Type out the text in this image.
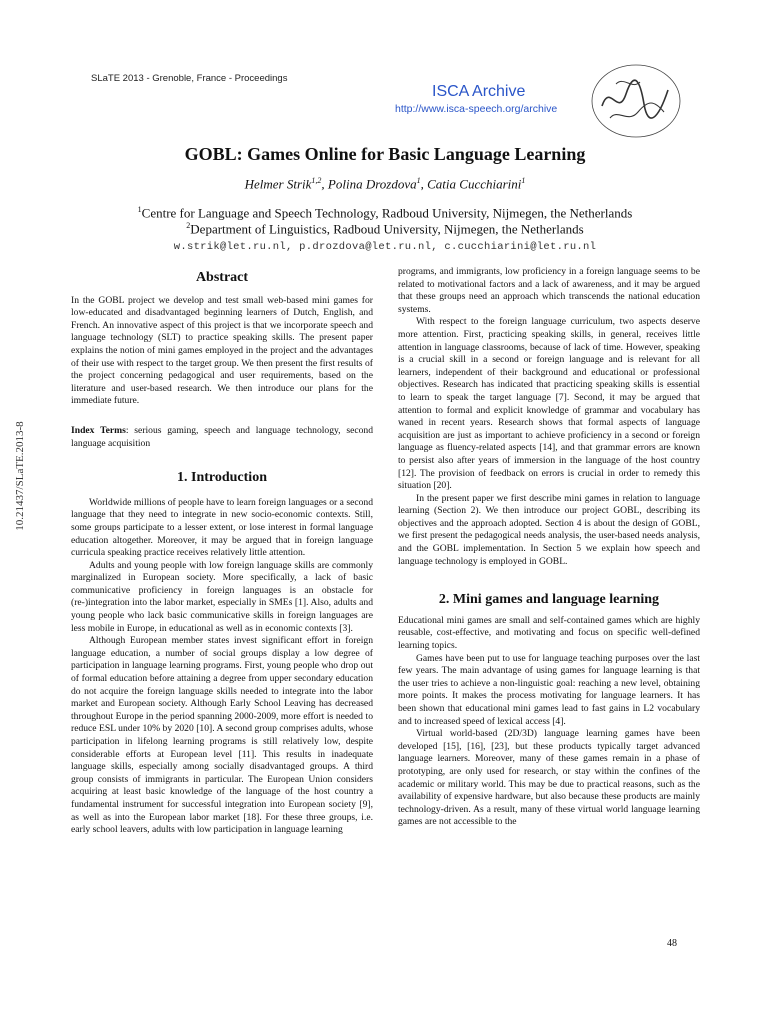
SLaTE 2013 - Grenoble, France - Proceedings
ISCA Archive
http://www.isca-speech.org/archive
GOBL: Games Online for Basic Language Learning
Helmer Strik$^{1,2}$, Polina Drozdova$^1$, Catia Cucchiarini$^1$
$^1$Centre for Language and Speech Technology, Radboud University, Nijmegen, the Netherlands
$^2$Department of Linguistics, Radboud University, Nijmegen, the Netherlands
w.strik@let.ru.nl, p.drozdova@let.ru.nl, c.cucchiarini@let.ru.nl
10.21437/SLaTE.2013-8

Abstract

In the GOBL project we develop and test small web-based mini games for low-educated and disadvantaged beginning learners of Dutch, English, and French. An innovative aspect of this project is that we incorporate speech and language technology (SLT) to practice speaking skills. The present paper explains the notion of mini games employed in the project and the advantages of their use with respect to the target group. We then present the first results of the project concerning pedagogical and user requirements, based on the literature and user-based research. We then introduce our plans for the immediate future.

Index Terms: serious gaming, speech and language technology, second language acquisition

1. Introduction

Worldwide millions of people have to learn foreign languages or a second language that they need to integrate in new socio-economic contexts. Still, some groups participate to a lesser extent, or lose interest in formal language education altogether. Moreover, it may be argued that in foreign language curricula speaking practice receives relatively little attention.

Adults and young people with low foreign language skills are commonly marginalized in European society. More specifically, a lack of basic communicative proficiency in foreign languages is an obstacle for (re-)integration into the labor market, especially in SMEs [1]. Also, adults and young people who lack basic communicative skills in foreign languages are less mobile in Europe, in educational as well as in economic contexts [3].

Although European member states invest significant effort in foreign language education, a number of social groups display a low degree of participation in language learning programs. First, young people who drop out of formal education before attaining a degree from upper secondary education do not acquire the foreign language skills needed to integrate into the labor market and European society. Although Early School Leaving has decreased throughout Europe in the period spanning 2000-2009, more effort is needed to reduce ESL under 10% by 2020 [10]. A second group comprises adults, whose participation in lifelong learning programs is still relatively low, despite considerable efforts at European level [11]. This results in inadequate language skills, especially among socially disadvantaged groups. A third group consists of immigrants in particular. The European Union considers acquiring at least basic knowledge of the language of the host country a fundamental instrument for successful integration into European society [9], as well as into the European labor market [18]. For these three groups, i.e. early school leavers, adults with low participation in language learning

programs, and immigrants, low proficiency in a foreign language seems to be related to motivational factors and a lack of awareness, and it may be argued that these groups need an approach which transcends the national education systems.

With respect to the foreign language curriculum, two aspects deserve more attention. First, practicing speaking skills, in general, receives little attention in language classrooms, because of lack of time. However, speaking is a crucial skill in a second or foreign language and is relevant for all learners, independent of their background and educational or professional objectives. Research has indicated that practicing speaking skills is essential to learn to speak the target language [7]. Second, it may be argued that attention to formal and explicit knowledge of grammar and vocabulary has waned in recent years. Research shows that formal aspects of language acquisition are just as important to achieve proficiency in a second or foreign language as fluency-related aspects [14], and that grammar errors are known to persist also after years of immersion in the language of the host country [12]. The provision of feedback on errors is crucial in order to remedy this situation [20].

In the present paper we first describe mini games in relation to language learning (Section 2). We then introduce our project GOBL, describing its objectives and the approach adopted. Section 4 is about the design of GOBL, we first present the pedagogical needs analysis, the user-based needs analysis, and the GOBL implementation. In Section 5 we explain how speech and language technology is employed in GOBL.

2. Mini games and language learning

Educational mini games are small and self-contained games which are highly reusable, cost-effective, and motivating and focus on specific well-defined learning topics.

Games have been put to use for language teaching purposes over the last few years. The main advantage of using games for language learning is that the user tries to achieve a non-linguistic goal: reaching a new level, obtaining more points. It makes the process motivating for language learners. It has been shown that educational mini games lead to fast gains in L2 vocabulary and to increased speed of lexical access [4].

Virtual world-based (2D/3D) language learning games have been developed [15], [16], [23], but these products typically target advanced language learners. Moreover, many of these games remain in a phase of prototyping, are only used for research, or stay within the confines of the academic or military world. This may be due to practical reasons, such as the availability of expensive hardware, but also because these products are mainly technology-driven. As a result, many of these virtual world language learning games are not accessible to the

48
